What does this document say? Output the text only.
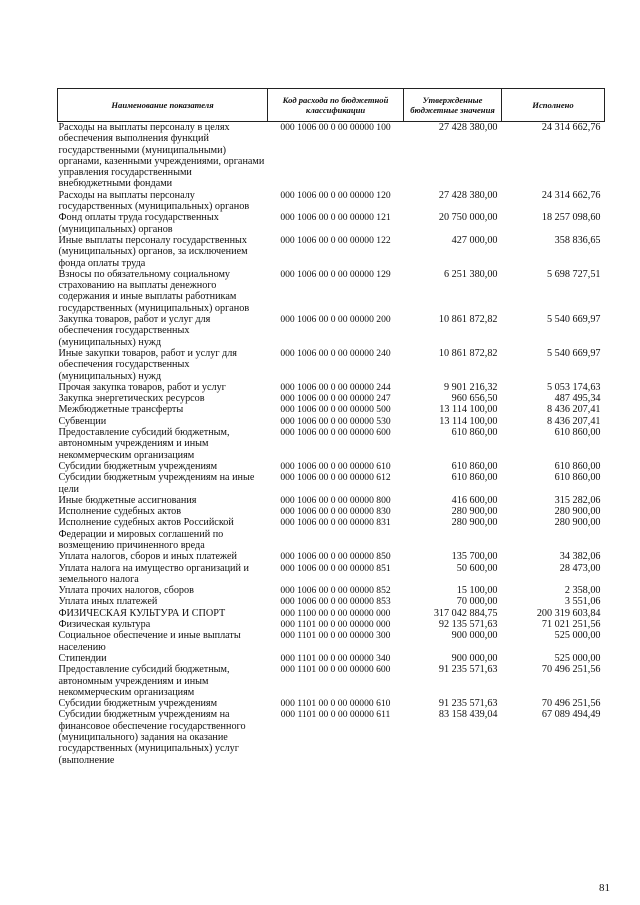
Наименование показателя	Код расхода по бюджетной классификации	Утвержденные бюджетные значения	Исполнено
Расходы на выплаты персоналу в целях обеспечения выполнения функций государственными (муниципальными) органами, казенными учреждениями, органами управления государственными внебюджетными фондами	000 1006 00 0 00 00000 100	27 428 380,00	24 314 662,76
Расходы на выплаты персоналу государственных (муниципальных) органов	000 1006 00 0 00 00000 120	27 428 380,00	24 314 662,76
Фонд оплаты труда государственных (муниципальных) органов	000 1006 00 0 00 00000 121	20 750 000,00	18 257 098,60
Иные выплаты персоналу государственных (муниципальных) органов, за исключением фонда оплаты труда	000 1006 00 0 00 00000 122	427 000,00	358 836,65
Взносы по обязательному социальному страхованию на выплаты денежного содержания и иные выплаты работникам государственных (муниципальных) органов	000 1006 00 0 00 00000 129	6 251 380,00	5 698 727,51
Закупка товаров, работ и услуг для обеспечения государственных (муниципальных) нужд	000 1006 00 0 00 00000 200	10 861 872,82	5 540 669,97
Иные закупки товаров, работ и услуг для обеспечения государственных (муниципальных) нужд	000 1006 00 0 00 00000 240	10 861 872,82	5 540 669,97
Прочая закупка товаров, работ и услуг	000 1006 00 0 00 00000 244	9 901 216,32	5 053 174,63
Закупка энергетических ресурсов	000 1006 00 0 00 00000 247	960 656,50	487 495,34
Межбюджетные трансферты	000 1006 00 0 00 00000 500	13 114 100,00	8 436 207,41
Субвенции	000 1006 00 0 00 00000 530	13 114 100,00	8 436 207,41
Предоставление субсидий бюджетным, автономным учреждениям и иным некоммерческим организациям	000 1006 00 0 00 00000 600	610 860,00	610 860,00
Субсидии бюджетным учреждениям	000 1006 00 0 00 00000 610	610 860,00	610 860,00
Субсидии бюджетным учреждениям на иные цели	000 1006 00 0 00 00000 612	610 860,00	610 860,00
Иные бюджетные ассигнования	000 1006 00 0 00 00000 800	416 600,00	315 282,06
Исполнение судебных актов	000 1006 00 0 00 00000 830	280 900,00	280 900,00
Исполнение судебных актов Российской Федерации и мировых соглашений по возмещению причиненного вреда	000 1006 00 0 00 00000 831	280 900,00	280 900,00
Уплата налогов, сборов и иных платежей	000 1006 00 0 00 00000 850	135 700,00	34 382,06
Уплата налога на имущество организаций и земельного налога	000 1006 00 0 00 00000 851	50 600,00	28 473,00
Уплата прочих налогов, сборов	000 1006 00 0 00 00000 852	15 100,00	2 358,00
Уплата иных платежей	000 1006 00 0 00 00000 853	70 000,00	3 551,06
ФИЗИЧЕСКАЯ КУЛЬТУРА И СПОРТ	000 1100 00 0 00 00000 000	317 042 884,75	200 319 603,84
Физическая культура	000 1101 00 0 00 00000 000	92 135 571,63	71 021 251,56
Социальное обеспечение и иные выплаты населению	000 1101 00 0 00 00000 300	900 000,00	525 000,00
Стипендии	000 1101 00 0 00 00000 340	900 000,00	525 000,00
Предоставление субсидий бюджетным, автономным учреждениям и иным некоммерческим организациям	000 1101 00 0 00 00000 600	91 235 571,63	70 496 251,56
Субсидии бюджетным учреждениям	000 1101 00 0 00 00000 610	91 235 571,63	70 496 251,56
Субсидии бюджетным учреждениям на финансовое обеспечение государственного (муниципального) задания на оказание государственных (муниципальных) услуг (выполнение	000 1101 00 0 00 00000 611	83 158 439,04	67 089 494,49
81
